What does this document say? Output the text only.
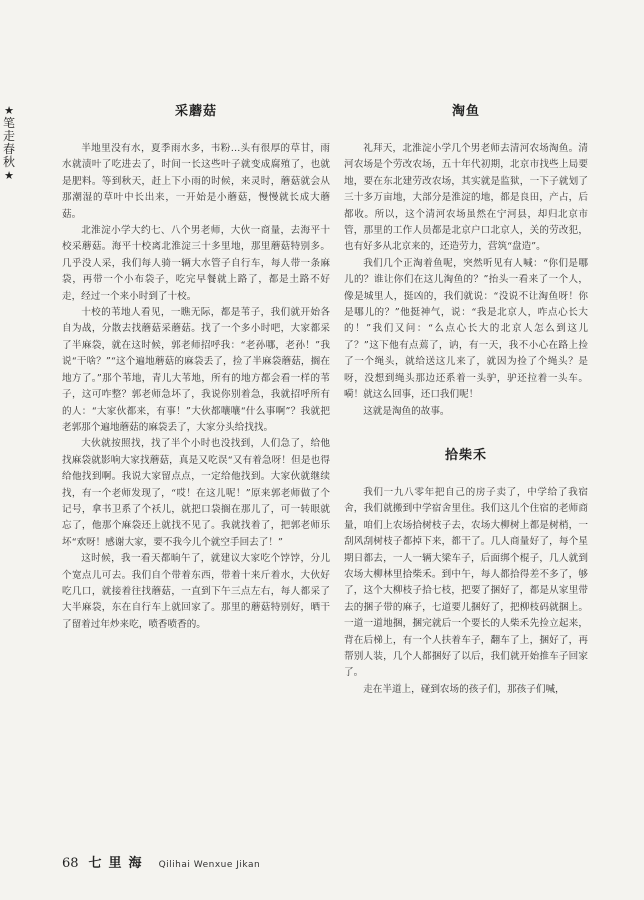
★
笔走春秋
★
采蘑菇

半地里没有水，夏季雨水多，韦粉…头有很厚的草甘，雨水就渍叶了吃进去了，时间一长这些叶子就变成腐殖了，也就是肥料。等到秋天，赶上下小雨的时候，来灵时，蘑菇就会从那潮湿的草叶中长出来，一开始是小蘑菇，慢慢就长成大蘑菇。

北淮淀小学大约七、八个男老师，大伙一商量，去海平十校采蘑菇。海平十校离北淮淀三十多里地，那里蘑菇特别多。几乎没人采，我们每人骑一辆大水管子自行车，每人带一条麻袋，再带一个小布袋子，吃完早餐就上路了，都是土路不好走，经过一个来小时到了十校。

十校的苇地人看见，一瞧无际，都是苇子，我们就开始各自为战，分散去找蘑菇采蘑菇。找了一个多小时吧，大家都采了半麻袋，就在这时候，郭老师招呼我：“老孙哪，老孙！”我说“干啥？”“这个遍地蘑菇的麻袋丢了，捡了半麻袋蘑菇，搁在地方了。”那个苇地，青儿大苇地，所有的地方都会看一样的苇子，这可咋整？郭老师急坏了，我说你别着急，我就招呼所有的人：“大家伙都来，有事！”大伙都嚷嚷“什么事啊”？我就把老郭那个遍地蘑菇的麻袋丢了，大家分头给找找。

大伙就按照找，找了半个小时也没找到，人们急了，给他找麻袋就影响大家找蘑菇，真是又吃误“又有着急呀！但是也得给他找到啊。我说大家留点点，一定给他找到。大家伙就继续找，有一个老师发现了，“哎！在这儿呢！”原来郭老师做了个记号，拿书卫系了个袄儿，就把口袋搁在那儿了，可一转眼就忘了，他那个麻袋还上就找不见了。我就找着了，把郭老师乐坏“欢呀！感谢大家，要不我今儿个就空手回去了！”

这时候，我一看天都晌午了，就建议大家吃个饽饽，分儿个宽点儿可去。我们自个带着东西，带着十来斤着水，大伙好吃几口，就接着往找蘑菇，一直到下午三点左右，每人都采了大半麻袋，东在自行车上就回家了。那里的蘑菇特别好，晒干了留着过年炒来吃，喷香喷香的。

淘鱼

礼拜天，北淮淀小学几个男老师去清河农场淘鱼。清河农场是个劳改农场，五十年代初期，北京市找些上局要地，要在东北建劳改农场，其实就是监狱，一下子就划了三十多万亩地，大部分是淮淀的地，都是良田，产占，后都收。所以，这个清河农场虽然在宁河县，却归北京市管，那里的工作人员都是北京户口北京人，关的劳改犯，也有好多从北京来的，还造劳力，营筑“盘造”。

我们几个正淘着鱼呢，突然听见有人喊：“你们是哪儿的？谁让你们在这儿淘鱼的？”抬头一看来了一个人，像是城里人，挺凶的，我们就说：“没说不让淘鱼呀！你是哪儿的？”他挺神气，说：“我是北京人，咋点心长大的！”我们又问：“么点心长大的北京人怎么到这儿了？”这下他有点蔫了，讷，有一天，我不小心在路上捡了一个绳头，就给送这儿来了，就因为捡了个绳头？是呀，没想到绳头那边还系着一头驴，驴还拉着一头车。嗬！就这么回事，还口我们呢！

这就是淘鱼的故事。

拾柴禾

我们一九八零年把自己的房子卖了，中学给了我宿舍，我们就搬到中学宿舍里住。我们这儿个住宿的老师商量，咱们上农场拾树枝子去，农场大柳树上都是树梢，一刮风刮树枝子都掉下来，都干了。几人商量好了，每个星期日都去，一人一辆大梁车子，后面绑个棍子，几人就到农场大柳林里拾柴禾。到中午，每人都拾得差不多了，够了，这个大柳枝子拾七枝，把要了捆好了，都是从家里带去的捆子带的麻子，七道要儿捆好了，把柳枝码就捆上。一道一道地捆，捆完就后一个要长的人柴禾先捡立起来，背在后梯上，有一个人扶着车子，翻车了上，捆好了，再帮别人装，几个人都捆好了以后，我们就开始推车子回家了。

走在半道上，碰到农场的孩子们，那孩子们喊，

68 七里海 Qilihai Wenxue Jikan
